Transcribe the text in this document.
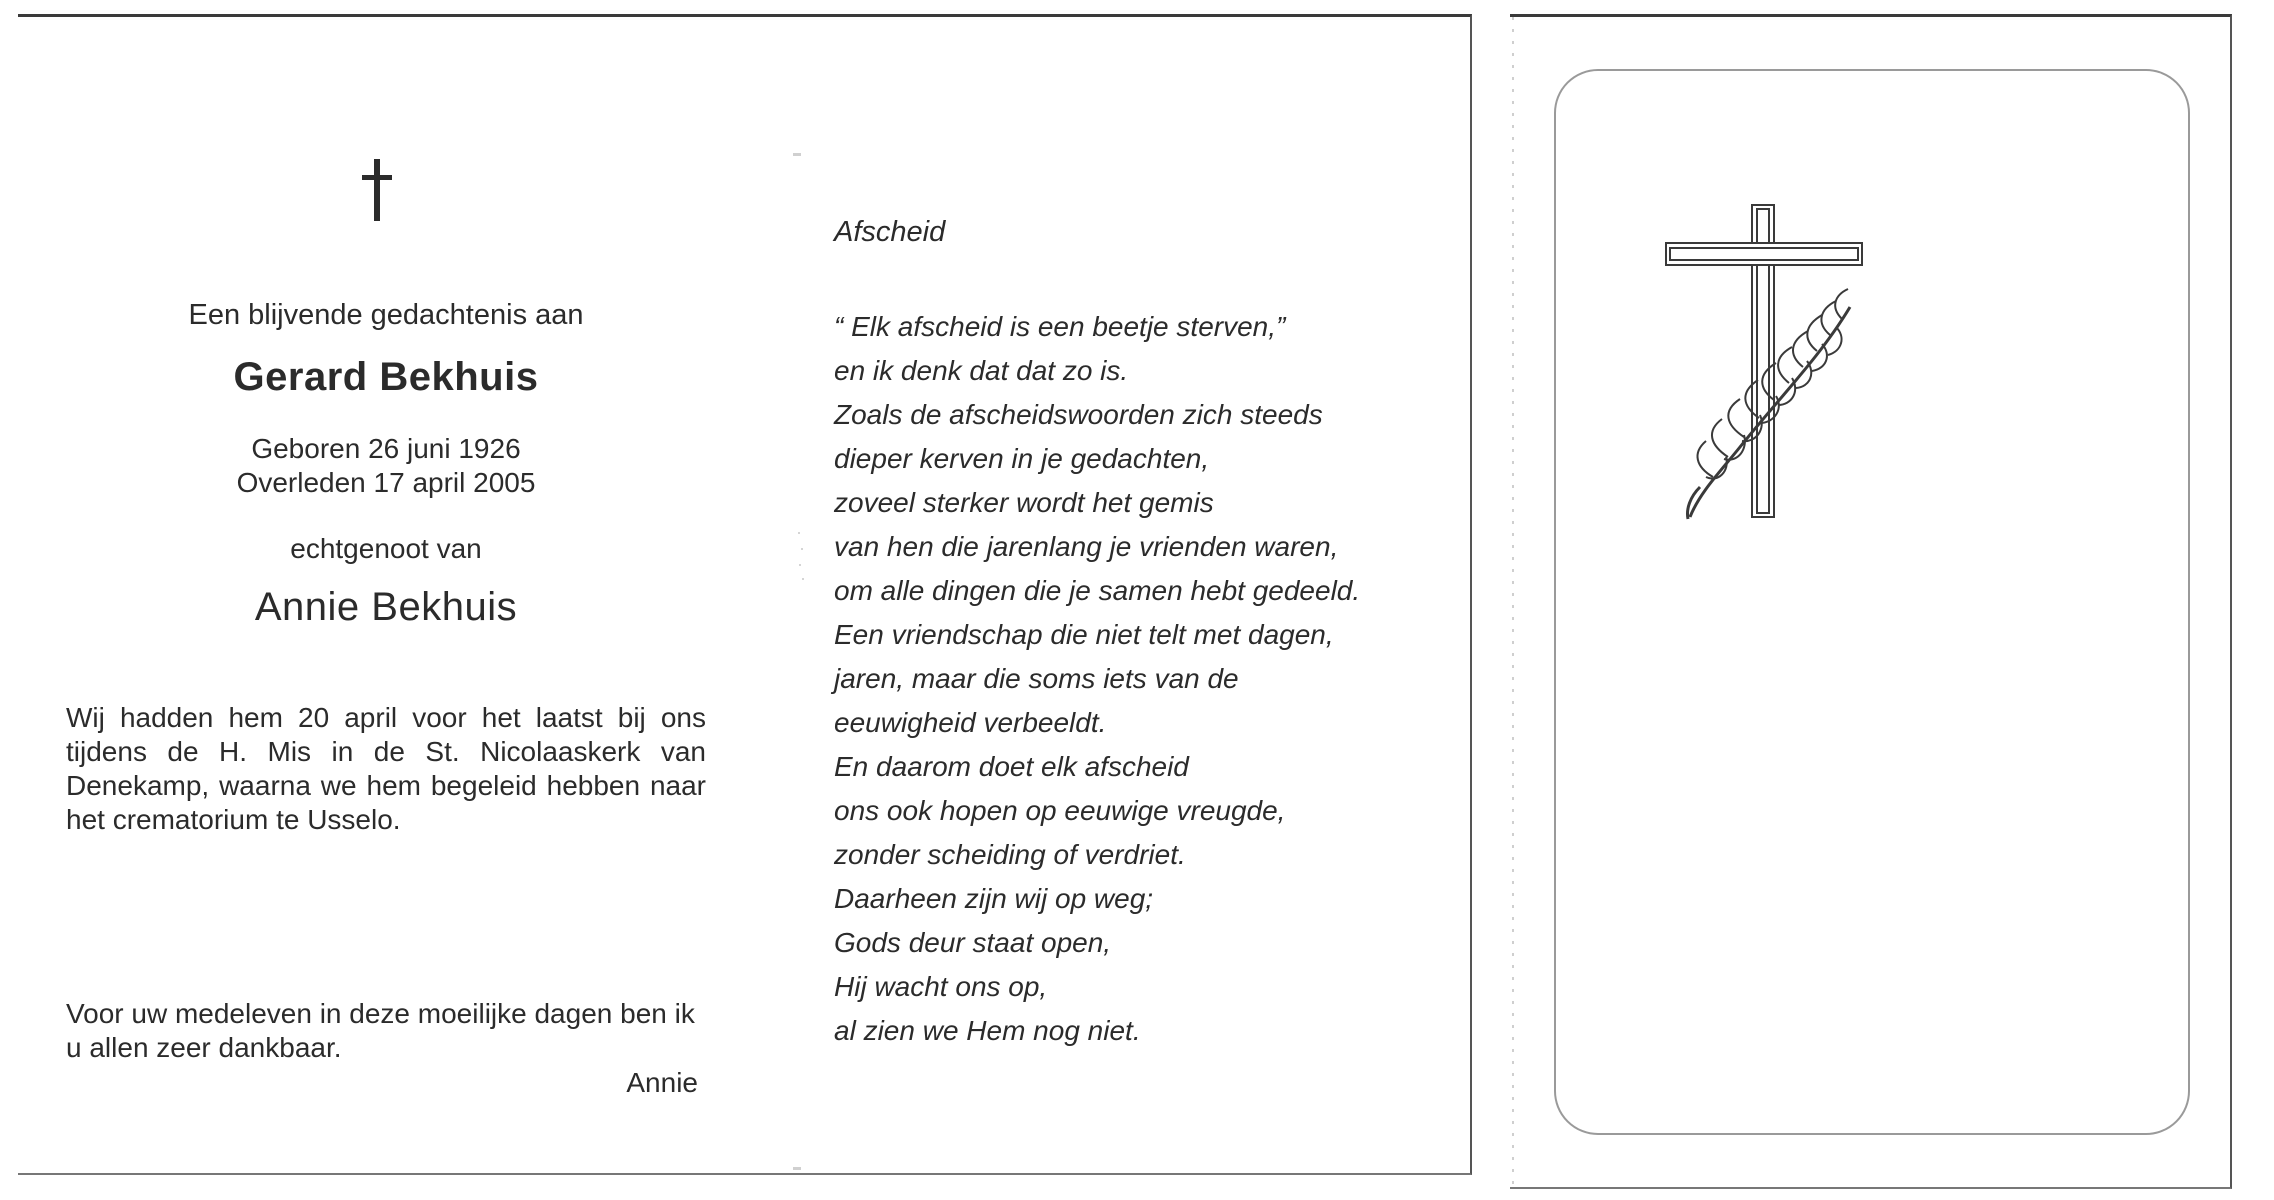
Een blijvende gedachtenis aan

Gerard Bekhuis

Geboren 26 juni 1926

Overleden 17 april 2005

echtgenoot van

Annie Bekhuis

Wij hadden hem 20 april voor het laatst bij ons tijdens de H. Mis in de St. Nicolaaskerk van Denekamp, waarna we hem begeleid hebben naar het crematorium te Usselo.

Voor uw medeleven in deze moeilijke dagen ben ik u allen zeer dankbaar.

Annie

Afscheid

“ Elk afscheid is een beetje sterven,”
en ik denk dat dat zo is.
Zoals de afscheidswoorden zich steeds
dieper kerven in je gedachten,
zoveel sterker wordt het gemis
van hen die jarenlang je vrienden waren,
om alle dingen die je samen hebt gedeeld.
Een vriendschap die niet telt met dagen,
jaren, maar die soms iets van de
eeuwigheid verbeeldt.
En daarom doet elk afscheid
ons ook hopen op eeuwige vreugde,
zonder scheiding of verdriet.
Daarheen zijn wij op weg;
Gods deur staat open,
Hij wacht ons op,
al zien we Hem nog niet.
